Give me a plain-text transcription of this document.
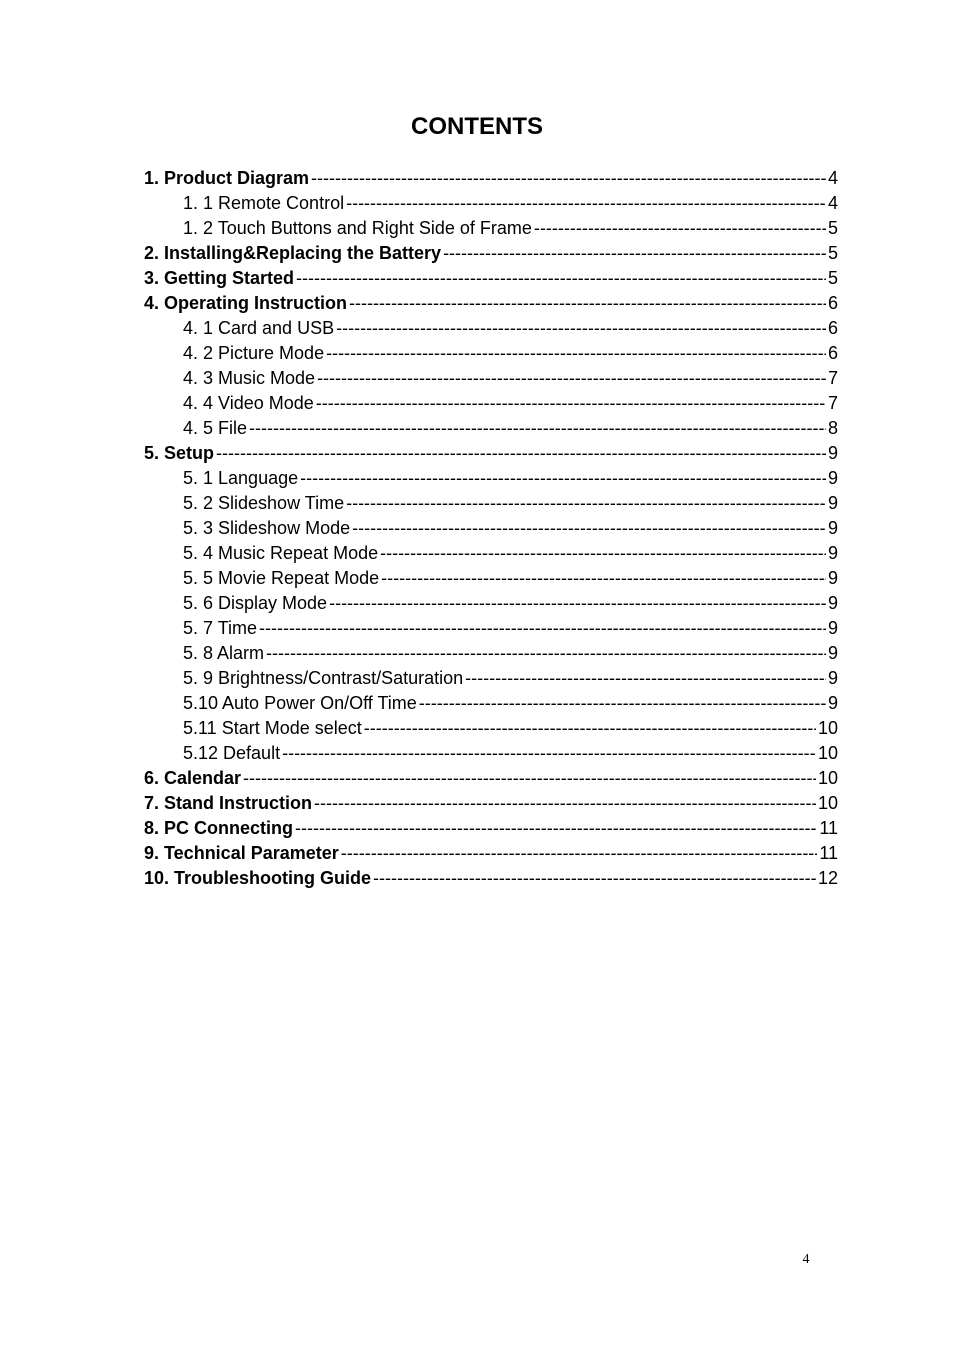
CONTENTS
1. Product Diagram -----	4
1. 1 Remote Control -----	4
1. 2 Touch Buttons and Right Side of Frame -----	5
2. Installing&Replacing the Battery -----	5
3. Getting Started -----	5
4. Operating Instruction -----	6
4. 1 Card and USB -----	6
4. 2 Picture Mode -----	6
4. 3 Music Mode -----	7
4. 4 Video Mode -----	7
4. 5 File -----	8
5. Setup -----	9
5. 1 Language -----	9
5. 2 Slideshow Time -----	9
5. 3 Slideshow Mode -----	9
5. 4 Music Repeat Mode -----	9
5. 5 Movie Repeat Mode -----	9
5. 6 Display Mode -----	9
5. 7 Time -----	9
5. 8 Alarm -----	9
5. 9 Brightness/Contrast/Saturation -----	9
5.10 Auto Power On/Off Time -----	9
5.11 Start Mode select -----	10
5.12 Default -----	10
6. Calendar -----	10
7. Stand Instruction -----	10
8. PC Connecting -----	11
9. Technical Parameter -----	11
10. Troubleshooting Guide -----	12
4
